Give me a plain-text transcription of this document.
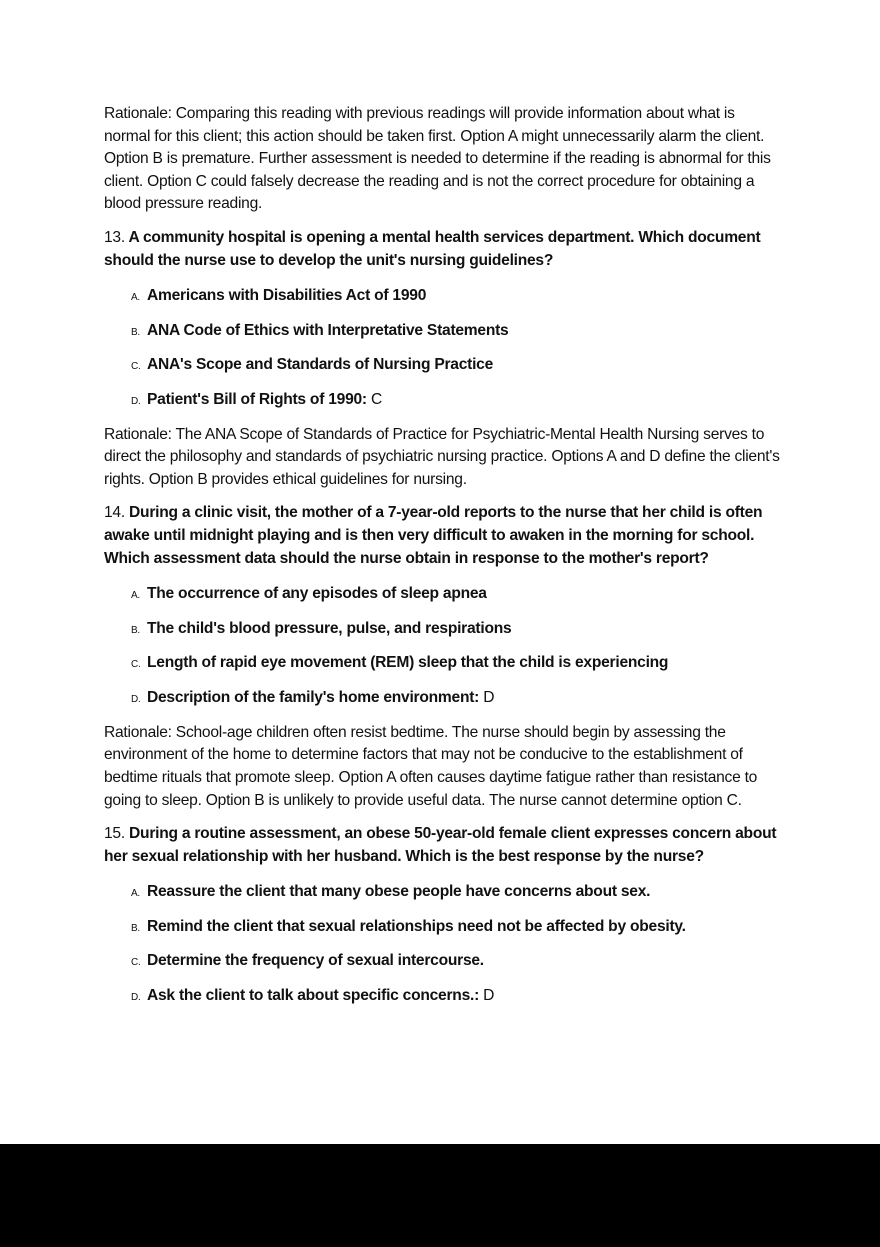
Rationale: Comparing this reading with previous readings will provide information about what is normal for this client; this action should be taken first. Option A might unnecessarily alarm the client. Option B is premature. Further assessment is needed to determine if the reading is abnormal for this client. Option C could falsely decrease the reading and is not the correct procedure for obtaining a blood pressure reading.

13. A community hospital is opening a mental health services department. Which document should the nurse use to develop the unit's nursing guidelines?

A. Americans with Disabilities Act of 1990
B. ANA Code of Ethics with Interpretative Statements
C. ANA's Scope and Standards of Nursing Practice
D. Patient's Bill of Rights of 1990: C

Rationale: The ANA Scope of Standards of Practice for Psychiatric-Mental Health Nursing serves to direct the philosophy and standards of psychiatric nursing practice. Options A and D define the client's rights. Option B provides ethical guidelines for nursing.

14. During a clinic visit, the mother of a 7-year-old reports to the nurse that her child is often awake until midnight playing and is then very difficult to awaken in the morning for school. Which assessment data should the nurse obtain in response to the mother's report?

A. The occurrence of any episodes of sleep apnea
B. The child's blood pressure, pulse, and respirations
C. Length of rapid eye movement (REM) sleep that the child is experiencing
D. Description of the family's home environment: D

Rationale: School-age children often resist bedtime. The nurse should begin by assessing the environment of the home to determine factors that may not be conducive to the establishment of bedtime rituals that promote sleep. Option A often causes daytime fatigue rather than resistance to going to sleep. Option B is unlikely to provide useful data. The nurse cannot determine option C.

15. During a routine assessment, an obese 50-year-old female client expresses concern about her sexual relationship with her husband. Which is the best response by the nurse?

A. Reassure the client that many obese people have concerns about sex.
B. Remind the client that sexual relationships need not be affected by obesity.
C. Determine the frequency of sexual intercourse.
D. Ask the client to talk about specific concerns.: D
